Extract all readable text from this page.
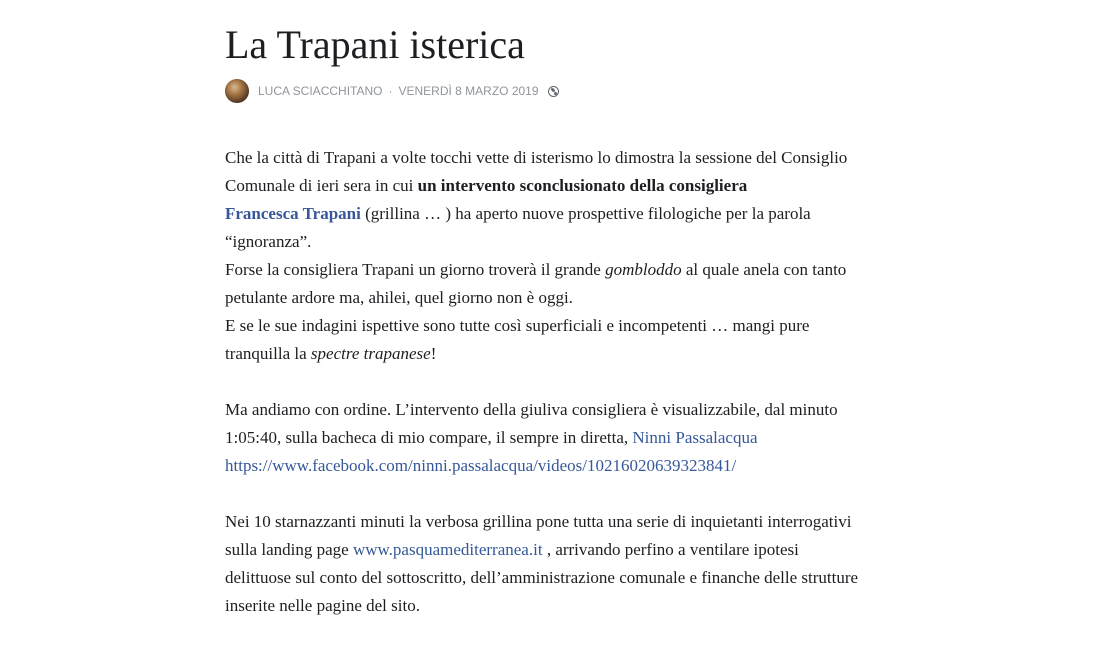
La Trapani isterica
LUCA SCIACCHITANO · VENERDÌ 8 MARZO 2019

Che la città di Trapani a volte tocchi vette di isterismo lo dimostra la sessione del Consiglio
Comunale di ieri sera in cui un intervento sconclusionato della consigliera
Francesca Trapani (grillina … ) ha aperto nuove prospettive filologiche per la parola
“ignoranza”.
Forse la consigliera Trapani un giorno troverà il grande gombloddo al quale anela con tanto
petulante ardore ma, ahilei, quel giorno non è oggi.
E se le sue indagini ispettive sono tutte così superficiali e incompetenti … mangi pure
tranquilla la spectre trapanese!

Ma andiamo con ordine. L’intervento della giuliva consigliera è visualizzabile, dal minuto
1:05:40, sulla bacheca di mio compare, il sempre in diretta, Ninni Passalacqua
https://www.facebook.com/ninni.passalacqua/videos/10216020639323841/

Nei 10 starnazzanti minuti la verbosa grillina pone tutta una serie di inquietanti interrogativi
sulla landing page www.pasquamediterranea.it , arrivando perfino a ventilare ipotesi
delittuose sul conto del sottoscritto, dell’amministrazione comunale e finanche delle strutture
inserite nelle pagine del sito.
